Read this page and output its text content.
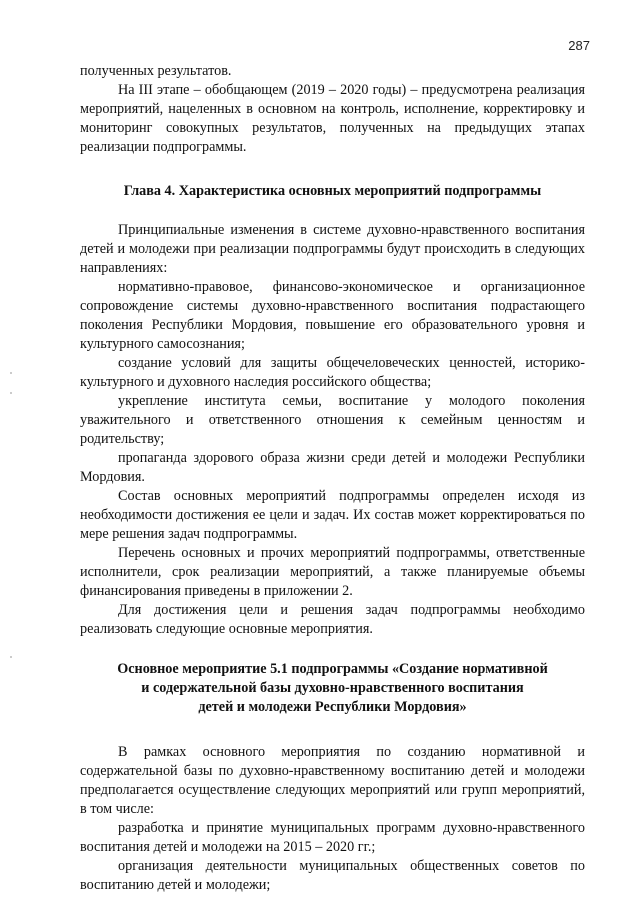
287

полученных результатов.

На III этапе – обобщающем (2019 – 2020 годы) – предусмотрена реализация мероприятий, нацеленных в основном на контроль, исполнение, корректировку и мониторинг совокупных результатов, полученных на предыдущих этапах реализации подпрограммы.

Глава 4. Характеристика основных мероприятий подпрограммы

Принципиальные изменения в системе духовно-нравственного воспитания детей и молодежи при реализации подпрограммы будут происходить в следующих направлениях:

нормативно-правовое, финансово-экономическое и организационное сопровождение системы духовно-нравственного воспитания подрастающего поколения Республики Мордовия, повышение его образовательного уровня и культурного самосознания;

создание условий для защиты общечеловеческих ценностей, историко-культурного и духовного наследия российского общества;

укрепление института семьи, воспитание у молодого поколения уважительного и ответственного отношения к семейным ценностям и родительству;

пропаганда здорового образа жизни среди детей и молодежи Республики Мордовия.

Состав основных мероприятий подпрограммы определен исходя из необходимости достижения ее цели и задач. Их состав может корректироваться по мере решения задач подпрограммы.

Перечень основных и прочих мероприятий подпрограммы, ответственные исполнители, срок реализации мероприятий, а также планируемые объемы финансирования приведены в приложении 2.

Для достижения цели и решения задач подпрограммы необходимо реализовать следующие основные мероприятия.

Основное мероприятие 5.1 подпрограммы «Создание нормативной
и содержательной базы духовно-нравственного воспитания
детей и молодежи Республики Мордовия»

В рамках основного мероприятия по созданию нормативной и содержательной базы по духовно-нравственному воспитанию детей и молодежи предполагается осуществление следующих мероприятий или групп мероприятий, в том числе:

разработка и принятие муниципальных программ духовно-нравственного воспитания детей и молодежи на 2015 – 2020 гг.;

организация деятельности муниципальных общественных советов по воспитанию детей и молодежи;
